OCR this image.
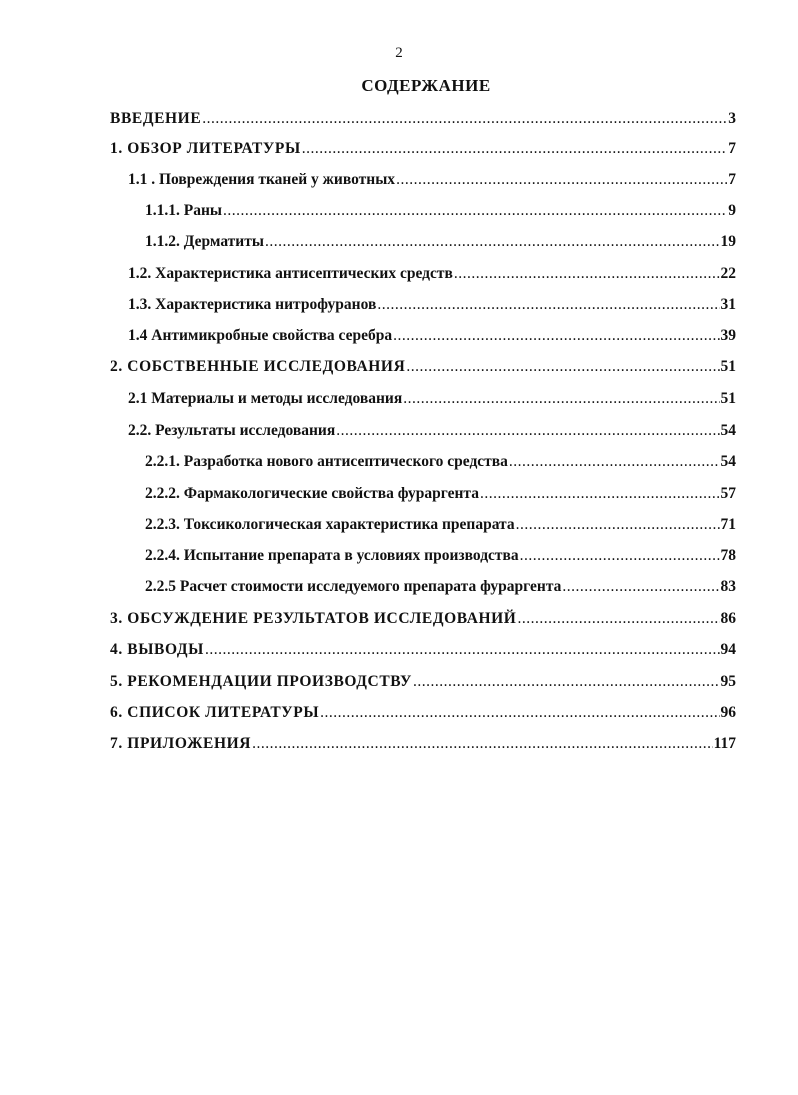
2
СОДЕРЖАНИЕ
ВВЕДЕНИЕ .....	3
1. ОБЗОР ЛИТЕРАТУРЫ .....	7
1.1 . Повреждения тканей у животных .....	7
1.1.1. Раны .....	9
1.1.2. Дерматиты .....	19
1.2. Характеристика антисептических средств .....	22
1.3. Характеристика нитрофуранов .....	31
1.4 Антимикробные свойства серебра .....	39
2. СОБСТВЕННЫЕ ИССЛЕДОВАНИЯ .....	51
2.1 Материалы и методы исследования .....	51
2.2. Результаты исследования .....	54
2.2.1. Разработка нового антисептического средства .....	54
2.2.2. Фармакологические свойства фураргента .....	57
2.2.3. Токсикологическая характеристика препарата .....	71
2.2.4. Испытание препарата в условиях производства .....	78
2.2.5 Расчет стоимости исследуемого препарата фураргента .....	83
3. ОБСУЖДЕНИЕ РЕЗУЛЬТАТОВ ИССЛЕДОВАНИЙ .....	86
4. ВЫВОДЫ .....	94
5. РЕКОМЕНДАЦИИ ПРОИЗВОДСТВУ .....	95
6. СПИСОК ЛИТЕРАТУРЫ .....	96
7. ПРИЛОЖЕНИЯ .....	117
